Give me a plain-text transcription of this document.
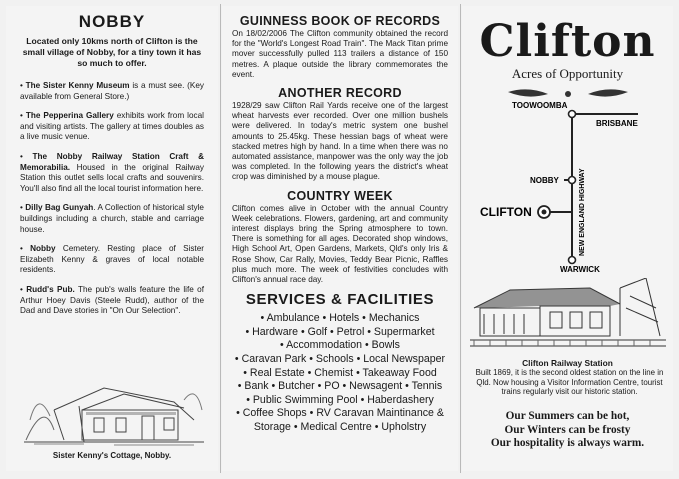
NOBBY
Located only 10kms north of Clifton is the small village of Nobby, for a tiny town it has so much to offer.
• The Sister Kenny Museum is a must see. (Key available from General Store.)
• The Pepperina Gallery exhibits work from local and visiting artists. The gallery at times doubles as a live music venue.
• The Nobby Railway Station Craft & Memorabilia. Housed in the original Railway Station this outlet sells local crafts and souvenirs. You'll also find all the local tourist information here.
• Dilly Bag Gunyah. A Collection of historical style buildings including a church, stable and carriage house.
• Nobby Cemetery. Resting place of Sister Elizabeth Kenny & graves of local notable residents.
• Rudd's Pub. The pub's walls feature the life of Arthur Hoey Davis (Steele Rudd), author of the Dad and Dave stories in "On Our Selection".
Sister Kenny's Cottage, Nobby.
GUINNESS BOOK OF RECORDS
On 18/02/2006 The Clifton community obtained the record for the "World's Longest Road Train". The Mack Titan prime mover successfully pulled 113 trailers a distance of 150 metres. A plaque outside the library commemorates the event.
ANOTHER RECORD
1928/29 saw Clifton Rail Yards receive one of the largest wheat harvests ever recorded. Over one million bushels were delivered. In today's metric system one bushel amounts to 25.45kg. These hessian bags of wheat were stacked metres high by hand. In a time when there was no automated assistance, manpower was the only way the job was completed. In the following years the district's wheat crop was diminished by a mouse plague.
COUNTRY WEEK
Clifton comes alive in October with the annual Country Week celebrations. Flowers, gardening, art and community interest displays bring the Spring atmosphere to town. There is something for all ages. Decorated shop windows, High School Art, Open Gardens, Markets, Qld's only Iris & Rose Show, Car Rally, Movies, Teddy Bear Picnic, Raffles plus much more. The week of festivities concludes with Clifton's annual race day.
SERVICES & FACILITIES

• Ambulance • Hotels • Mechanics

• Hardware • Golf • Petrol • Supermarket

• Accommodation • Bowls

• Caravan Park • Schools • Local Newspaper

• Real Estate • Chemist • Takeaway Food

• Bank • Butcher • PO • Newsagent • Tennis

• Public Swimming Pool • Haberdashery

• Coffee Shops • RV Caravan Maintinance &

Storage • Medical Centre • Upholstry

Clifton
Acres of Opportunity
TOOWOOMBA
BRISBANE
NOBBY
CLIFTON	NEW ENGLAND HIGHWAY
WARWICK
Clifton Railway Station
Built 1869, it is the second oldest station on the line in Qld. Now housing a Visitor Information Centre, tourist trains regularly visit our historic station.
Our Summers can be hot,
Our Winters can be frosty
Our hospitality is always warm.
